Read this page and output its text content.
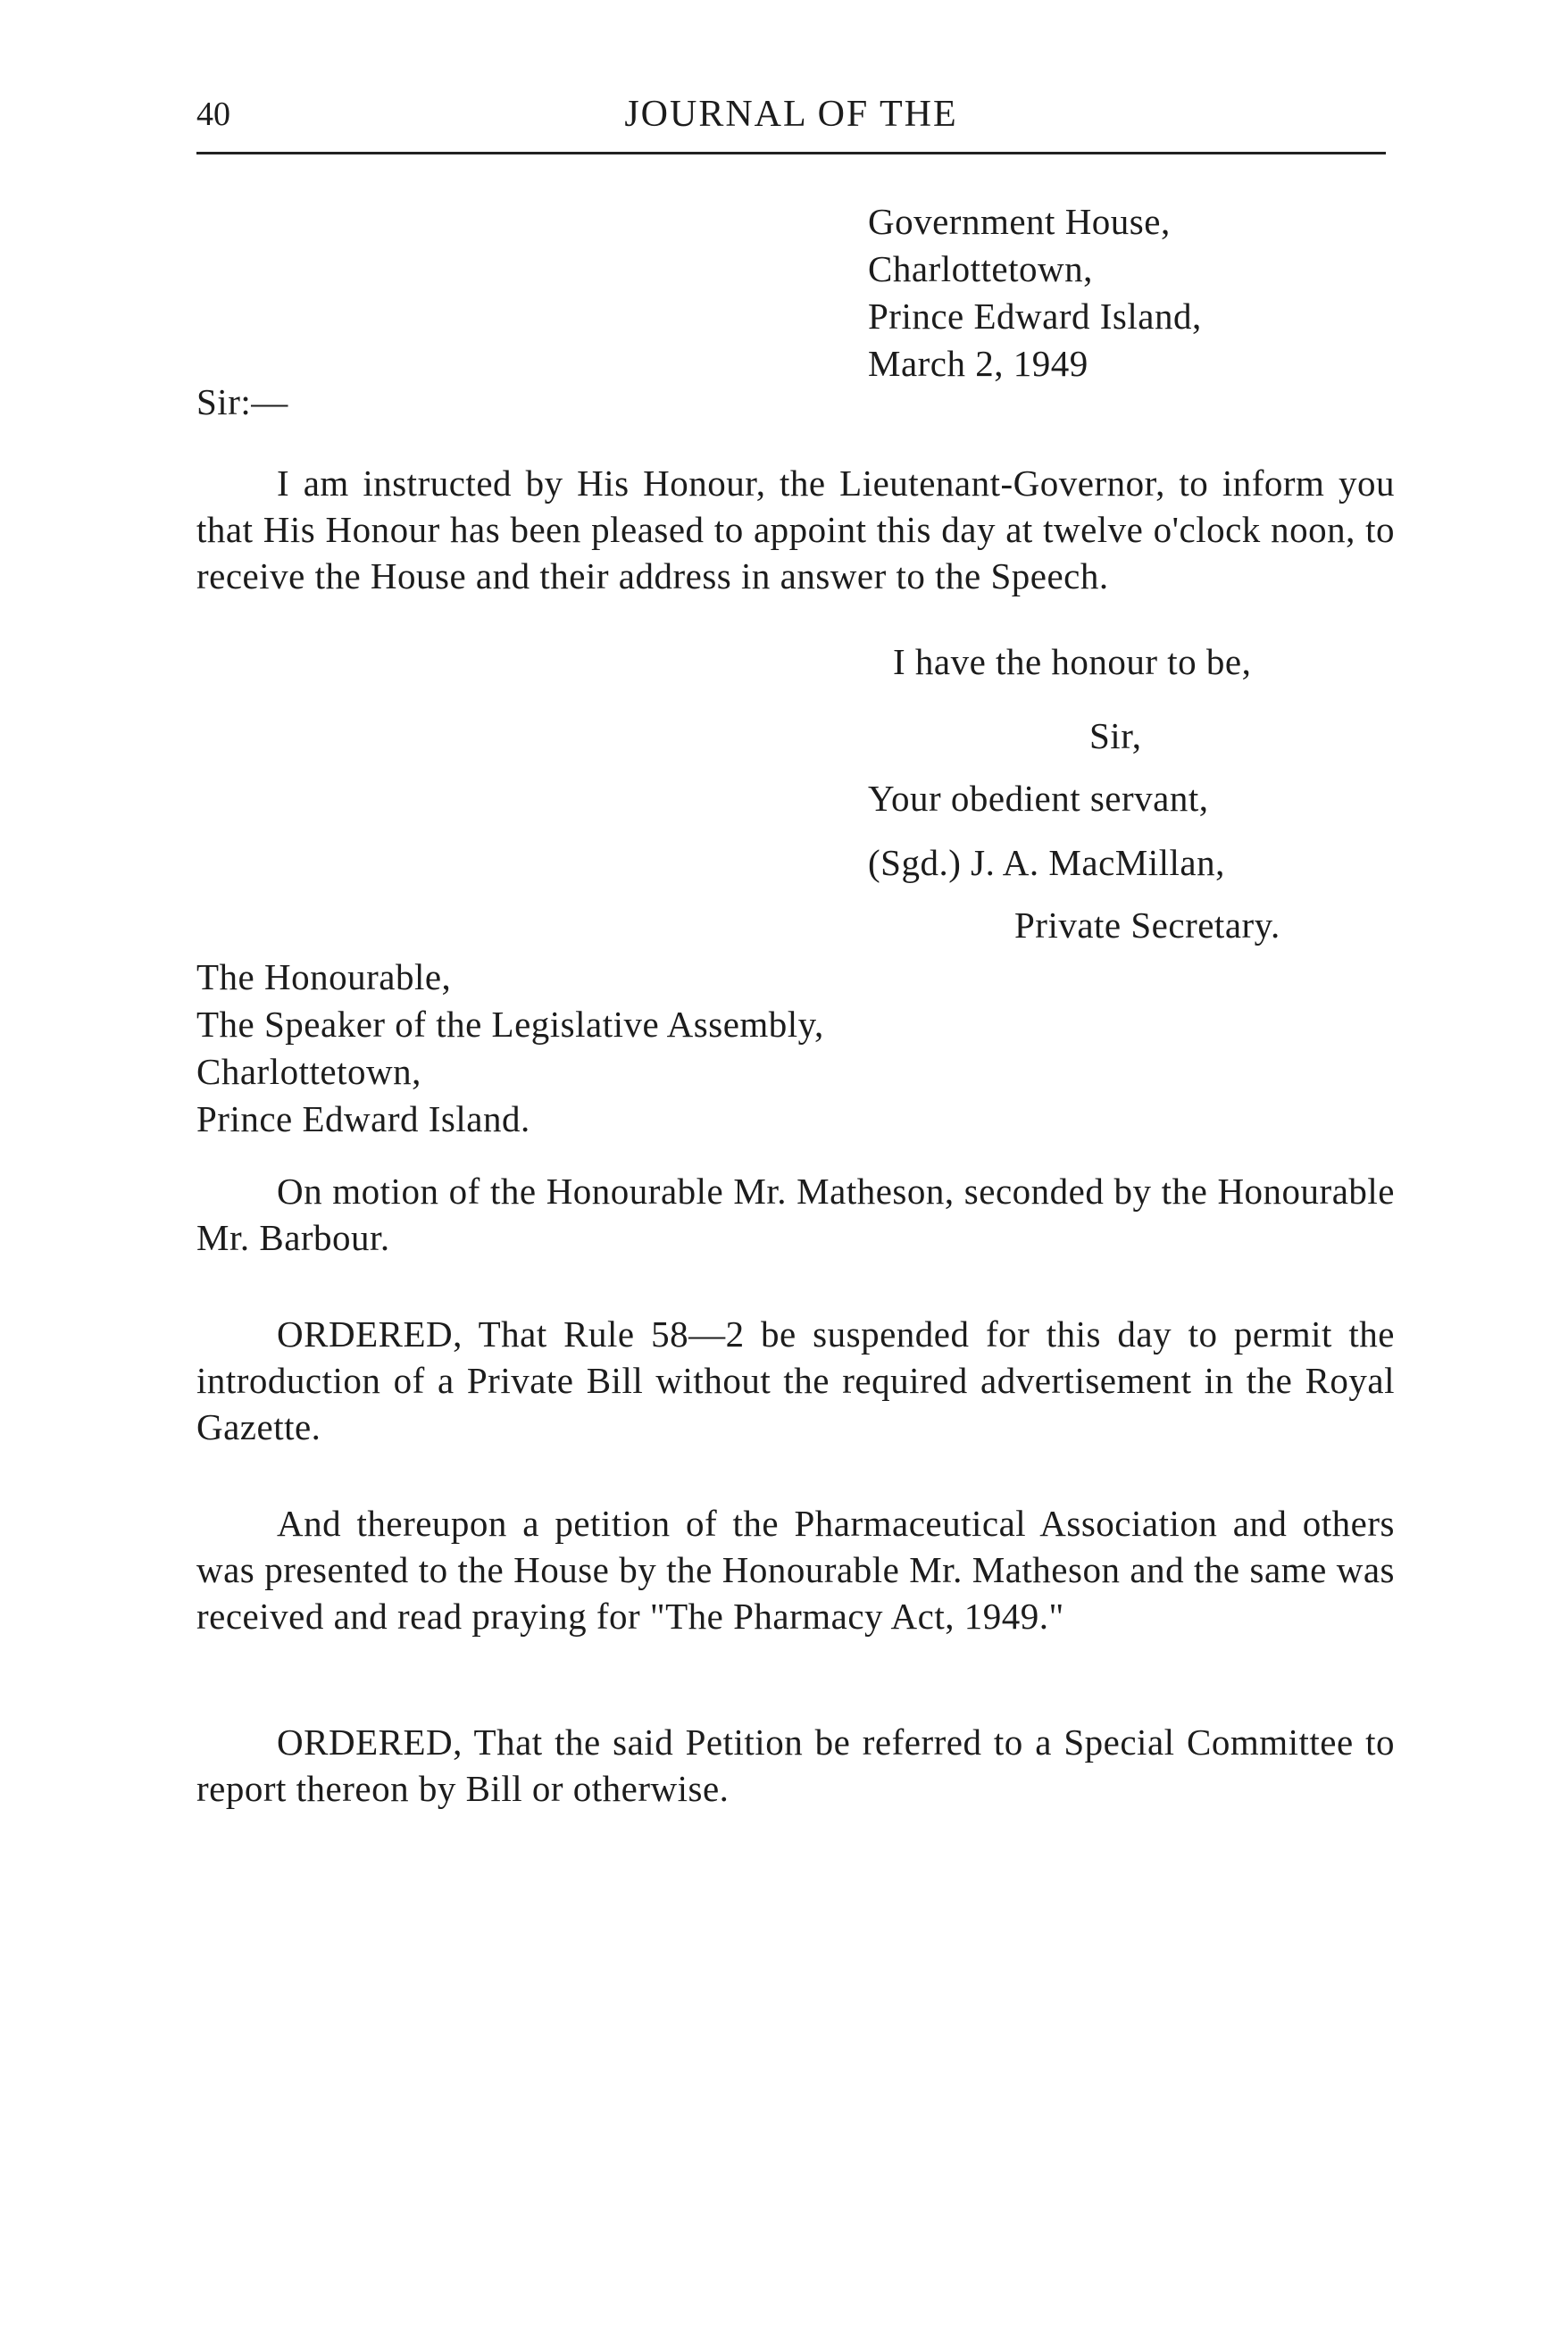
40	JOURNAL OF THE
Government House,
Charlottetown,
Prince Edward Island,
March 2, 1949
Sir:—

I am instructed by His Honour, the Lieutenant-Governor, to inform you that His Honour has been pleased to appoint this day at twelve o'clock noon, to receive the House and their address in answer to the Speech.

I have the honour to be,
Sir,
Your obedient servant,
(Sgd.) J. A. MacMillan,
Private Secretary.
The Honourable,
The Speaker of the Legislative Assembly,
Charlottetown,
Prince Edward Island.

On motion of the Honourable Mr. Matheson, seconded by the Honourable Mr. Barbour.

ORDERED, That Rule 58—2 be suspended for this day to permit the introduction of a Private Bill without the required advertisement in the Royal Gazette.

And thereupon a petition of the Pharmaceutical Association and others was presented to the House by the Honourable Mr. Matheson and the same was received and read praying for "The Pharmacy Act, 1949."

ORDERED, That the said Petition be referred to a Special Committee to report thereon by Bill or otherwise.
